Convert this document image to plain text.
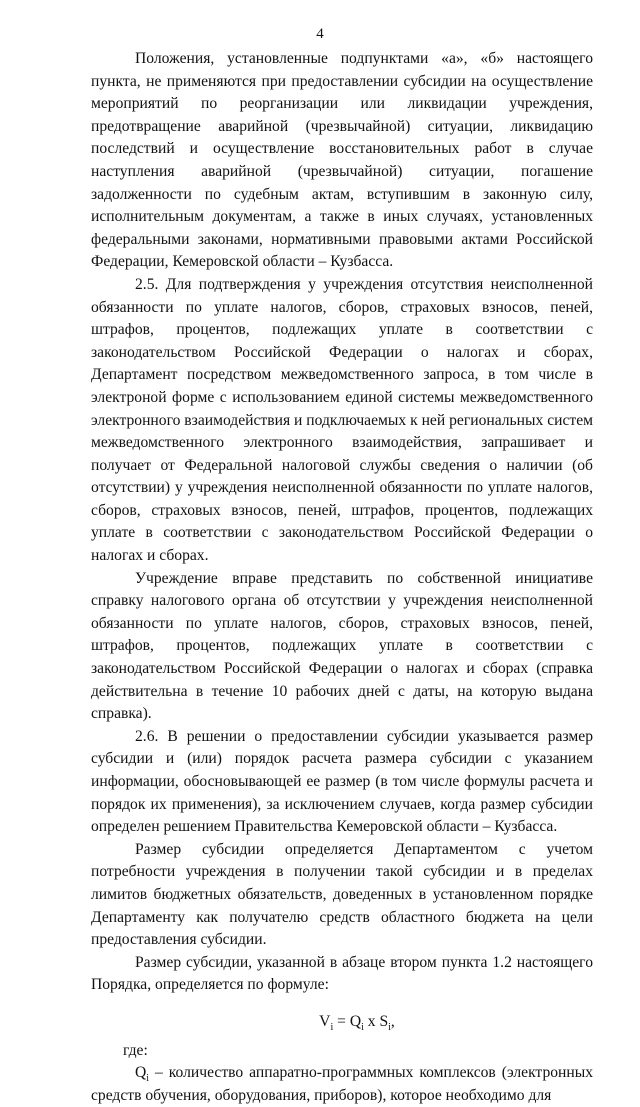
4

Положения, установленные подпунктами «а», «б» настоящего пункта, не применяются при предоставлении субсидии на осуществление мероприятий по реорганизации или ликвидации учреждения, предотвращение аварийной (чрезвычайной) ситуации, ликвидацию последствий и осуществление восстановительных работ в случае наступления аварийной (чрезвычайной) ситуации, погашение задолженности по судебным актам, вступившим в законную силу, исполнительным документам, а также в иных случаях, установленных федеральными законами, нормативными правовыми актами Российской Федерации, Кемеровской области – Кузбасса.

2.5. Для подтверждения у учреждения отсутствия неисполненной обязанности по уплате налогов, сборов, страховых взносов, пеней, штрафов, процентов, подлежащих уплате в соответствии с законодательством Российской Федерации о налогах и сборах, Департамент посредством межведомственного запроса, в том числе в электроной форме с использованием единой системы межведомственного электронного взаимодействия и подключаемых к ней региональных систем межведомственного электронного взаимодействия, запрашивает и получает от Федеральной налоговой службы сведения о наличии (об отсутствии) у учреждения неисполненной обязанности по уплате налогов, сборов, страховых взносов, пеней, штрафов, процентов, подлежащих уплате в соответствии с законодательством Российской Федерации о налогах и сборах.

Учреждение вправе представить по собственной инициативе справку налогового органа об отсутствии у учреждения неисполненной обязанности по уплате налогов, сборов, страховых взносов, пеней, штрафов, процентов, подлежащих уплате в соответствии с законодательством Российской Федерации о налогах и сборах (справка действительна в течение 10 рабочих дней с даты, на которую выдана справка).

2.6. В решении о предоставлении субсидии указывается размер субсидии и (или) порядок расчета размера субсидии с указанием информации, обосновывающей ее размер (в том числе формулы расчета и порядок их применения), за исключением случаев, когда размер субсидии определен решением Правительства Кемеровской области – Кузбасса.

Размер субсидии определяется Департаментом с учетом потребности учреждения в получении такой субсидии и в пределах лимитов бюджетных обязательств, доведенных в установленном порядке Департаменту как получателю средств областного бюджета на цели предоставления субсидии.

Размер субсидии, указанной в абзаце втором пункта 1.2 настоящего Порядка, определяется по формуле:

$V_i = Q_i$ x $S_i$,

где:

$Q_i$ – количество аппаратно-программных комплексов (электронных средств обучения, оборудования, приборов), которое необходимо для
